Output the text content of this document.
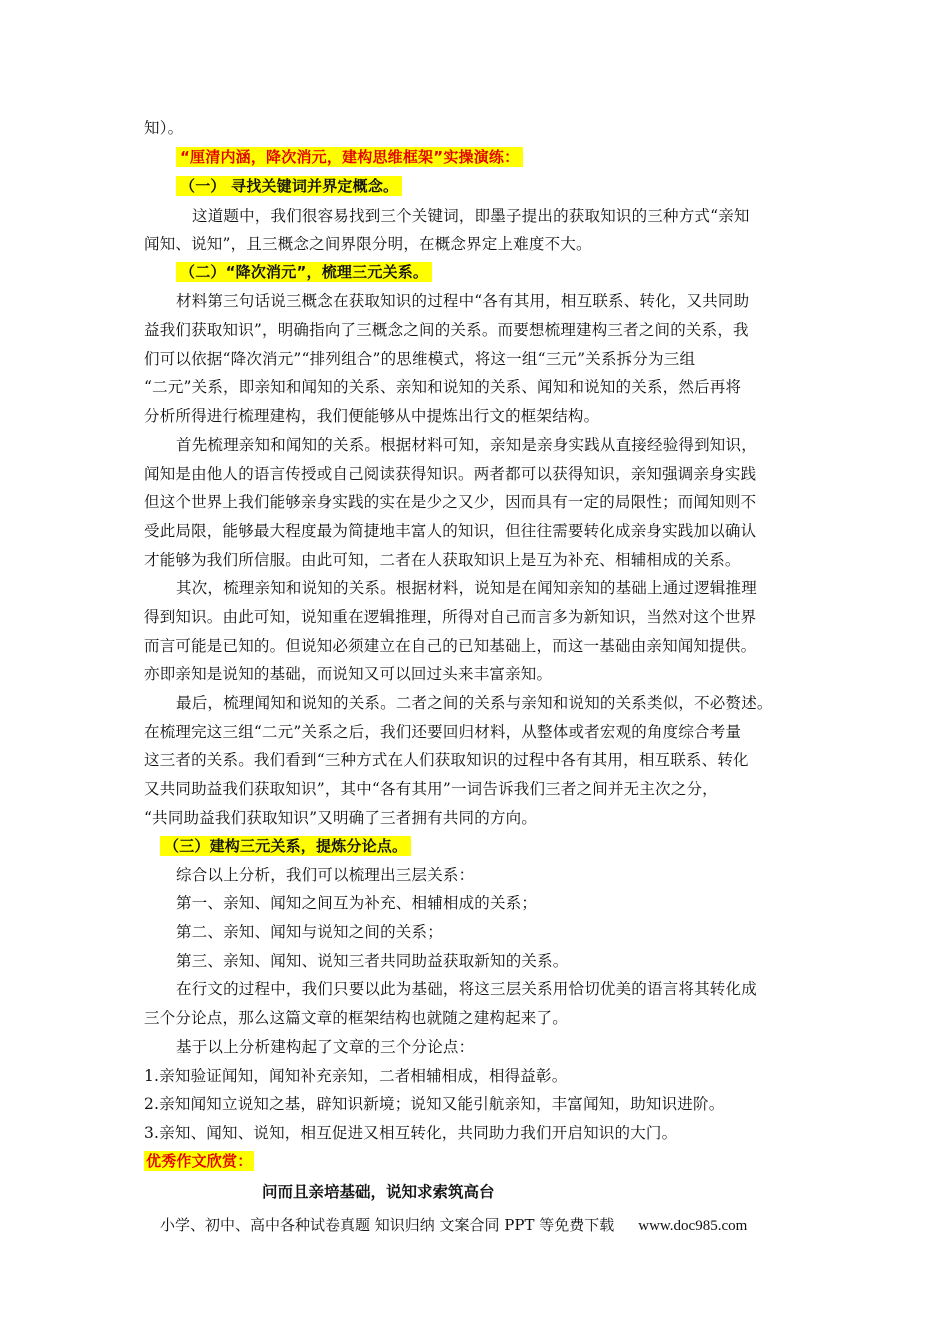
知）。
“厘清内涵，降次消元，建构思维框架”实操演练：
（一） 寻找关键词并界定概念。
这道题中，我们很容易找到三个关键词，即墨子提出的获取知识的三种方式“亲知
闻知、说知”，且三概念之间界限分明，在概念界定上难度不大。
（二）“降次消元”，梳理三元关系。
材料第三句话说三概念在获取知识的过程中“各有其用，相互联系、转化，又共同助
益我们获取知识”，明确指向了三概念之间的关系。而要想梳理建构三者之间的关系，我
们可以依据“降次消元”“排列组合”的思维模式，将这一组“三元”关系拆分为三组
“二元”关系，即亲知和闻知的关系、亲知和说知的关系、闻知和说知的关系，然后再将
分析所得进行梳理建构，我们便能够从中提炼出行文的框架结构。
首先梳理亲知和闻知的关系。根据材料可知，亲知是亲身实践从直接经验得到知识，
闻知是由他人的语言传授或自己阅读获得知识。两者都可以获得知识，亲知强调亲身实践
但这个世界上我们能够亲身实践的实在是少之又少，因而具有一定的局限性；而闻知则不
受此局限，能够最大程度最为简捷地丰富人的知识，但往往需要转化成亲身实践加以确认
才能够为我们所信服。由此可知，二者在人获取知识上是互为补充、相辅相成的关系。
其次，梳理亲知和说知的关系。根据材料，说知是在闻知亲知的基础上通过逻辑推理
得到知识。由此可知，说知重在逻辑推理，所得对自己而言多为新知识，当然对这个世界
而言可能是已知的。但说知必须建立在自己的已知基础上，而这一基础由亲知闻知提供。
亦即亲知是说知的基础，而说知又可以回过头来丰富亲知。
最后，梳理闻知和说知的关系。二者之间的关系与亲知和说知的关系类似，不必赘述。
在梳理完这三组“二元”关系之后，我们还要回归材料，从整体或者宏观的角度综合考量
这三者的关系。我们看到“三种方式在人们获取知识的过程中各有其用，相互联系、转化
又共同助益我们获取知识”，其中“各有其用”一词告诉我们三者之间并无主次之分，
“共同助益我们获取知识”又明确了三者拥有共同的方向。
（三）建构三元关系，提炼分论点。
综合以上分析，我们可以梳理出三层关系：
第一、亲知、闻知之间互为补充、相辅相成的关系；
第二、亲知、闻知与说知之间的关系；
第三、亲知、闻知、说知三者共同助益获取新知的关系。
在行文的过程中，我们只要以此为基础，将这三层关系用恰切优美的语言将其转化成
三个分论点，那么这篇文章的框架结构也就随之建构起来了。
基于以上分析建构起了文章的三个分论点：
1.亲知验证闻知，闻知补充亲知，二者相辅相成，相得益彰。
2.亲知闻知立说知之基，辟知识新境；说知又能引航亲知，丰富闻知，助知识进阶。
3.亲知、闻知、说知，相互促进又相互转化，共同助力我们开启知识的大门。
优秀作文欣赏：
问而且亲培基础，说知求索筑高台
小学、初中、高中各种试卷真题 知识归纳 文案合同 PPT 等免费下载 www.doc985.com
